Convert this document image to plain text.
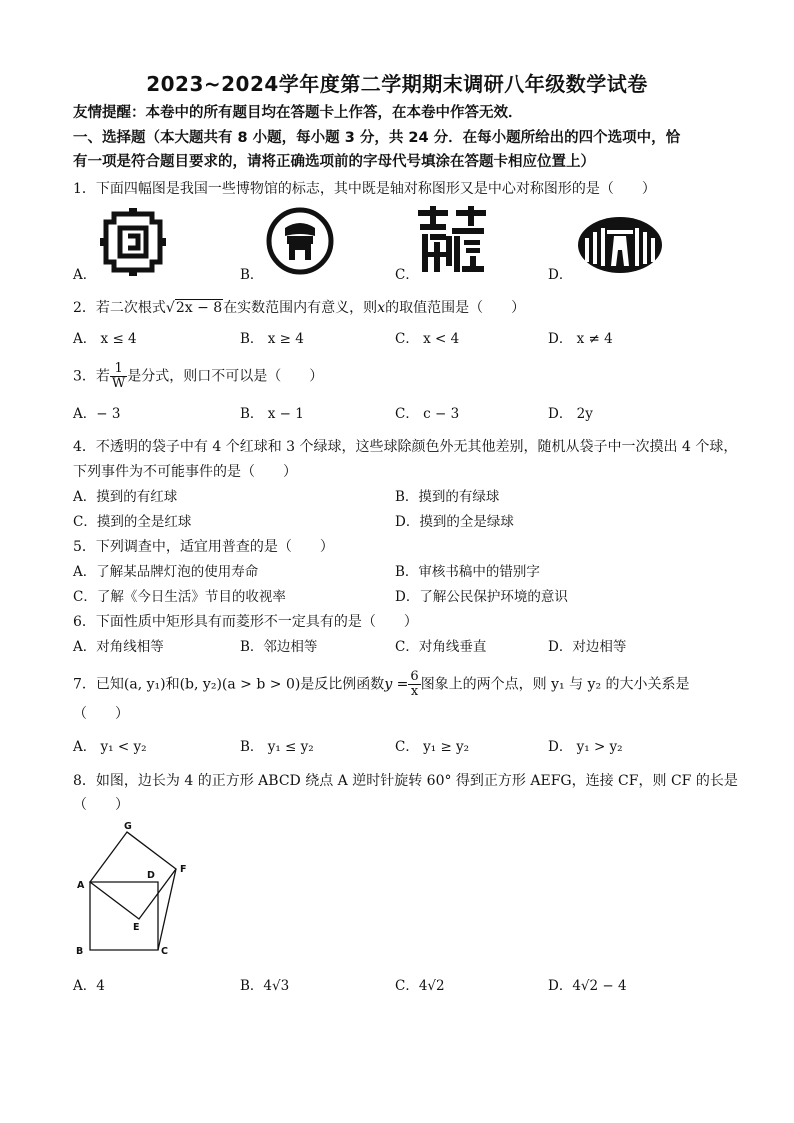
2023~2024学年度第二学期期末调研八年级数学试卷
友情提醒：本卷中的所有题目均在答题卡上作答，在本卷中作答无效．
一、选择题（本大题共有 8 小题，每小题 3 分，共 24 分．在每小题所给出的四个选项中，恰
有一项是符合题目要求的，请将正确选项前的字母代号填涂在答题卡相应位置上）
1．下面四幅图是我国一些博物馆的标志，其中既是轴对称图形又是中心对称图形的是（　　）
A．	B．	C．	D．
2．若二次根式√2x − 8在实数范围内有意义，则x的取值范围是（　　）
A． x ≤ 4	B． x ≥ 4	C． x < 4	D． x ≠ 4
3．若 $\frac{1}{W}$ 是分式，则口不可以是（　　）
A．− 3	B． x − 1	C． c − 3	D． 2y
4．不透明的袋子中有 4 个红球和 3 个绿球，这些球除颜色外无其他差别，随机从袋子中一次摸出 4 个球，
下列事件为不可能事件的是（　　）
A．摸到的有红球	B．摸到的有绿球
C．摸到的全是红球	D．摸到的全是绿球
5．下列调查中，适宜用普查的是（　　）
A．了解某品牌灯泡的使用寿命	B．审核书稿中的错别字
C．了解《今日生活》节目的收视率	D．了解公民保护环境的意识
6．下面性质中矩形具有而菱形不一定具有的是（　　）
A．对角线相等	B．邻边相等	C．对角线垂直	D．对边相等
7．已知(a, y₁)和(b, y₂)(a > b > 0)是反比例函数$y = \frac{6}{x}$ 图象上的两个点，则 y₁ 与 y₂ 的大小关系是
（　　）
A． y₁ < y₂	B． y₁ ≤ y₂	C． y₁ ≥ y₂	D． y₁ > y₂
8．如图，边长为 4 的正方形 ABCD 绕点 A 逆时针旋转 60° 得到正方形 AEFG，连接 CF，则 CF 的长是
（　　）
G
F
A
D
E
B	C
A．4	B．4√3	C．4√2	D．4√2 − 4
